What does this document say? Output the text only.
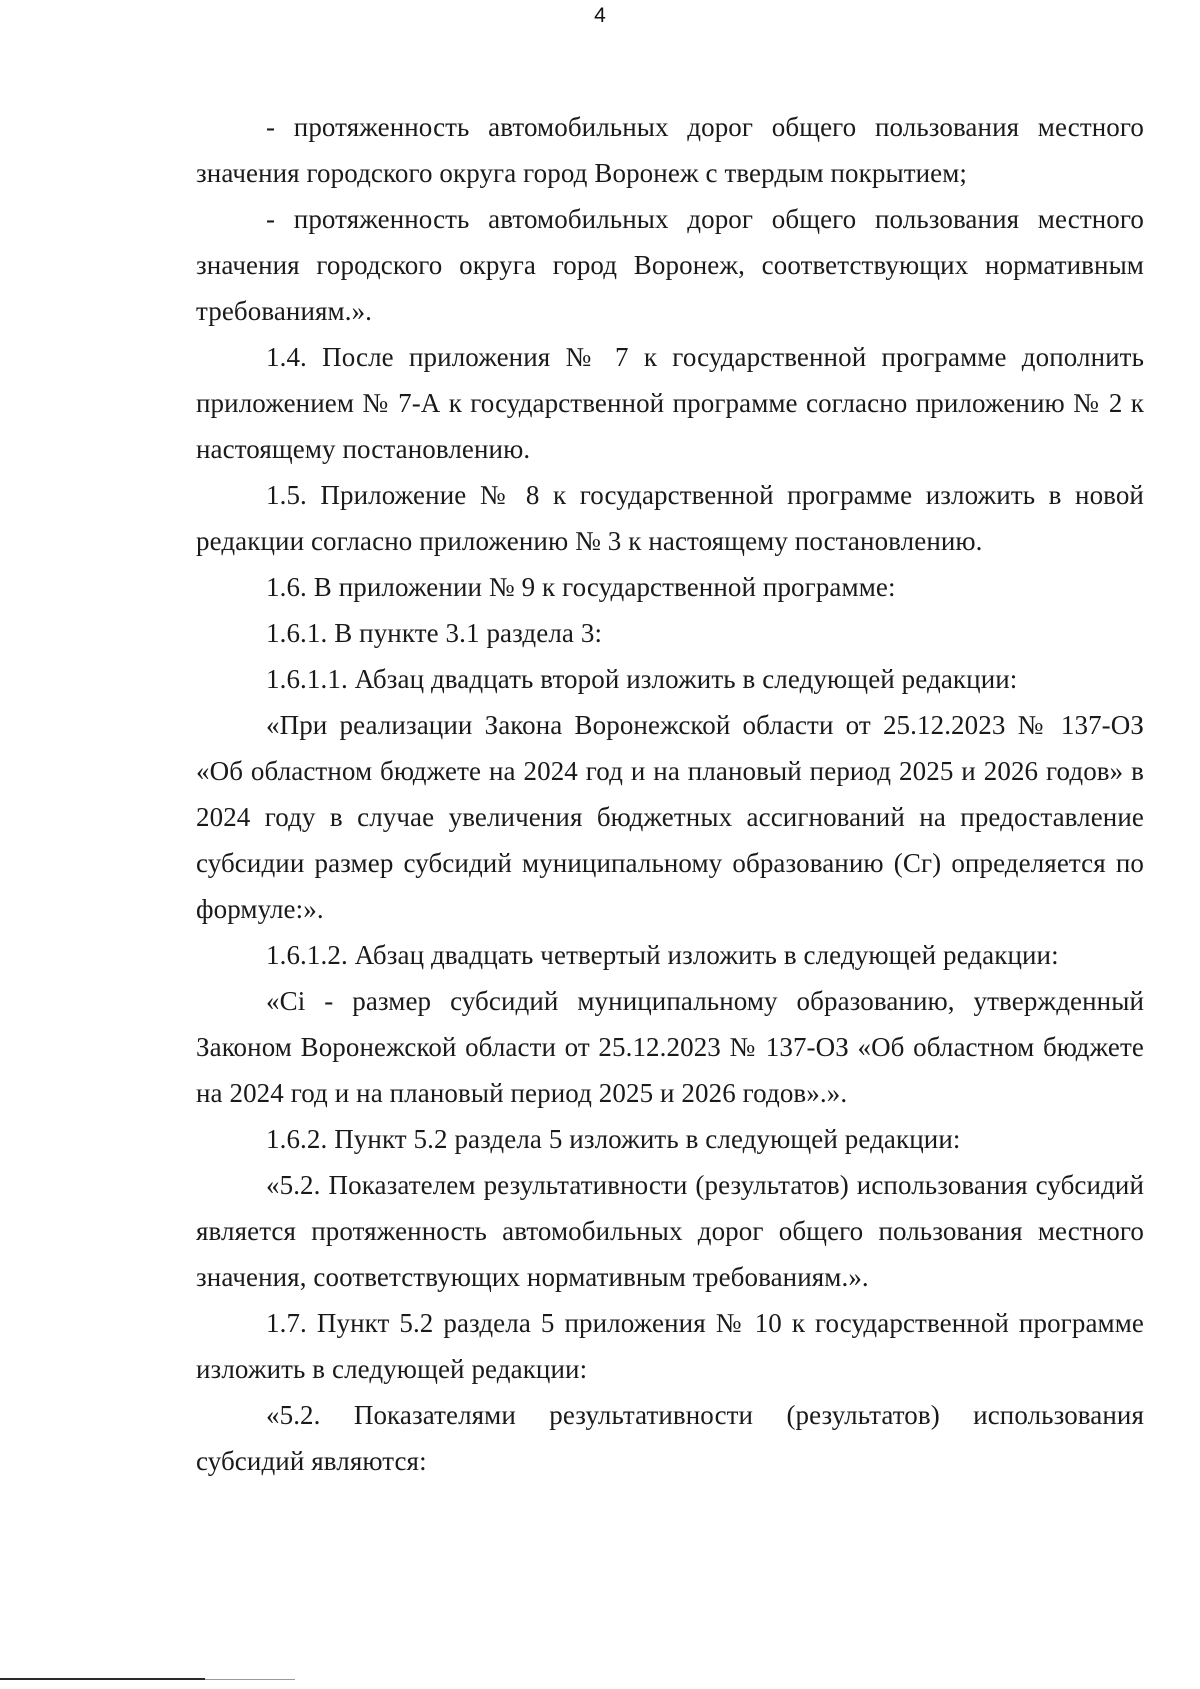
4

- протяженность автомобильных дорог общего пользования местного значения городского округа город Воронеж с твердым покрытием;

- протяженность автомобильных дорог общего пользования местного значения городского округа город Воронеж, соответствующих нормативным требованиям.».

1.4. После приложения № 7 к государственной программе дополнить приложением № 7-А к государственной программе согласно приложению № 2 к настоящему постановлению.

1.5. Приложение № 8 к государственной программе изложить в новой редакции согласно приложению № 3 к настоящему постановлению.

1.6. В приложении № 9 к государственной программе:

1.6.1. В пункте 3.1 раздела 3:

1.6.1.1. Абзац двадцать второй изложить в следующей редакции:

«При реализации Закона Воронежской области от 25.12.2023 № 137-ОЗ «Об областном бюджете на 2024 год и на плановый период 2025 и 2026 годов» в 2024 году в случае увеличения бюджетных ассигнований на предоставление субсидии размер субсидий муниципальному образованию (Сг) определяется по формуле:».

1.6.1.2. Абзац двадцать четвертый изложить в следующей редакции:

«Ci - размер субсидий муниципальному образованию, утвержденный Законом Воронежской области от 25.12.2023 № 137-ОЗ «Об областном бюджете на 2024 год и на плановый период 2025 и 2026 годов».».

1.6.2. Пункт 5.2 раздела 5 изложить в следующей редакции:

«5.2. Показателем результативности (результатов) использования субсидий является протяженность автомобильных дорог общего пользования местного значения, соответствующих нормативным требованиям.».

1.7. Пункт 5.2 раздела 5 приложения № 10 к государственной программе изложить в следующей редакции:

«5.2. Показателями результативности (результатов) использования субсидий являются:
